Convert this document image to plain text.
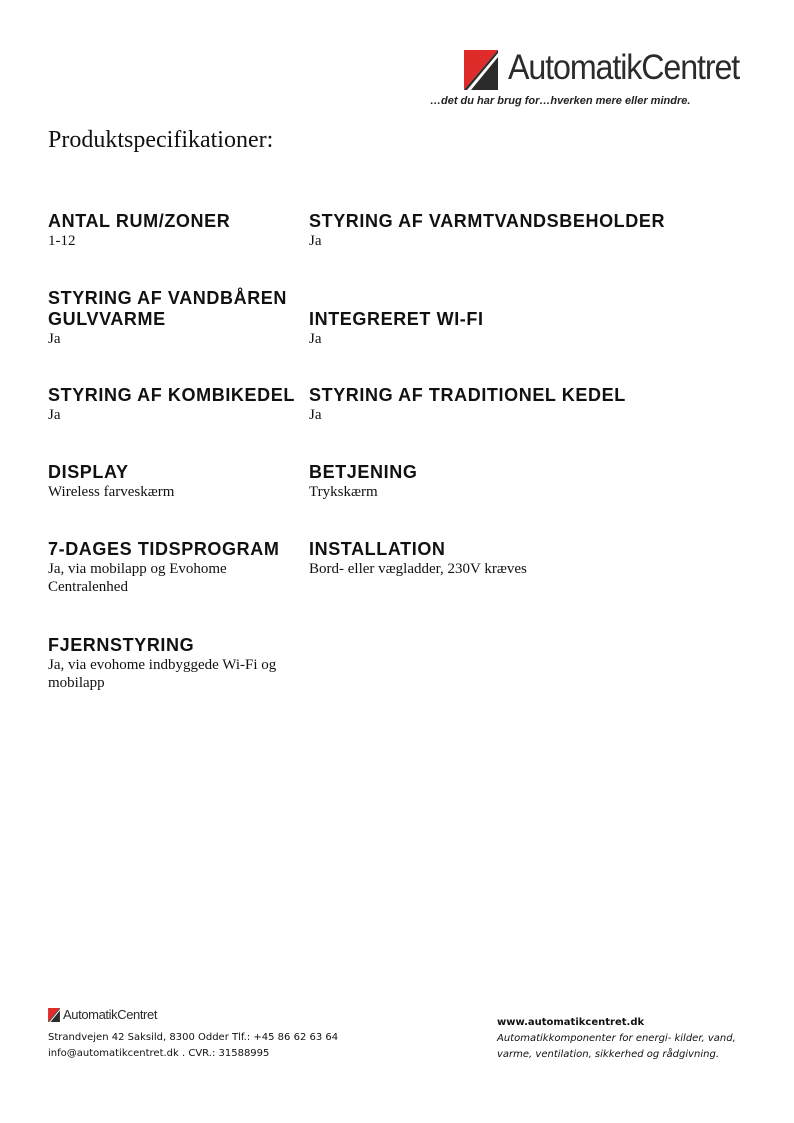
AutomatikCentret
…det du har brug for…hverken mere eller mindre.
Produktspecifikationer:
ANTAL RUM/ZONER
1-12
STYRING AF VARMTVANDSBEHOLDER
Ja
STYRING AF VANDBÅREN GULVVARME
Ja
INTEGRERET WI-FI
Ja
STYRING AF KOMBIKEDEL
Ja
STYRING AF TRADITIONEL KEDEL
Ja
DISPLAY
Wireless farveskærm
BETJENING
Trykskærm
7-DAGES TIDSPROGRAM
Ja, via mobilapp og Evohome Centralenhed
INSTALLATION
Bord- eller vægladder, 230V kræves
FJERNSTYRING
Ja, via evohome indbyggede Wi-Fi og mobilapp
AutomatikCentret
Strandvejen 42 Saksild, 8300 Odder Tlf.: +45 86 62 63 64
info@automatikcentret.dk . CVR.: 31588995
www.automatikcentret.dk
Automatikkomponenter for energi- kilder, vand, varme, ventilation, sikkerhed og rådgivning.
